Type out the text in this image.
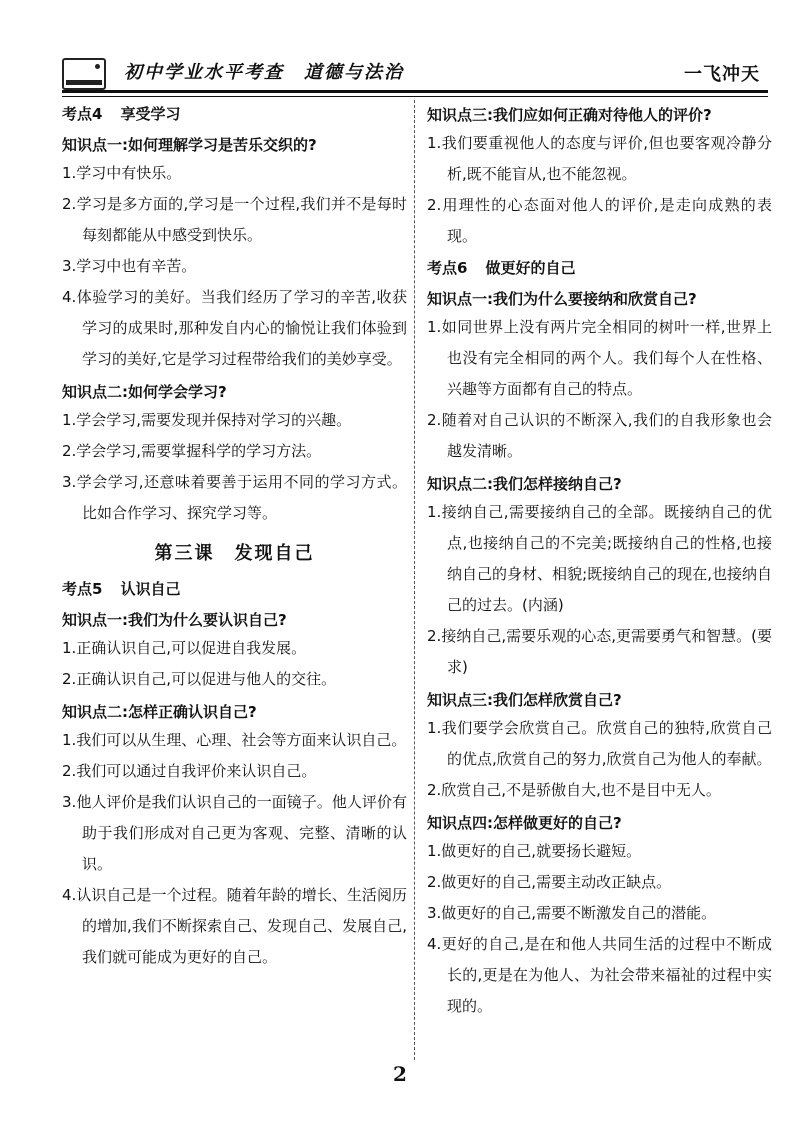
初中学业水平考查　道德与法治	一飞冲天
考点4 享受学习
知识点一:如何理解学习是苦乐交织的?
1.学习中有快乐。
2.学习是多方面的,学习是一个过程,我们并不是每时每刻都能从中感受到快乐。
3.学习中也有辛苦。
4.体验学习的美好。当我们经历了学习的辛苦,收获学习的成果时,那种发自内心的愉悦让我们体验到学习的美好,它是学习过程带给我们的美妙享受。
知识点二:如何学会学习?
1.学会学习,需要发现并保持对学习的兴趣。
2.学会学习,需要掌握科学的学习方法。
3.学会学习,还意味着要善于运用不同的学习方式。比如合作学习、探究学习等。
第三课　发现自己
考点5 认识自己
知识点一:我们为什么要认识自己?
1.正确认识自己,可以促进自我发展。
2.正确认识自己,可以促进与他人的交往。
知识点二:怎样正确认识自己?
1.我们可以从生理、心理、社会等方面来认识自己。
2.我们可以通过自我评价来认识自己。
3.他人评价是我们认识自己的一面镜子。他人评价有助于我们形成对自己更为客观、完整、清晰的认识。
4.认识自己是一个过程。随着年龄的增长、生活阅历的增加,我们不断探索自己、发现自己、发展自己,我们就可能成为更好的自己。
知识点三:我们应如何正确对待他人的评价?
1.我们要重视他人的态度与评价,但也要客观冷静分析,既不能盲从,也不能忽视。
2.用理性的心态面对他人的评价,是走向成熟的表现。
考点6 做更好的自己
知识点一:我们为什么要接纳和欣赏自己?
1.如同世界上没有两片完全相同的树叶一样,世界上也没有完全相同的两个人。我们每个人在性格、兴趣等方面都有自己的特点。
2.随着对自己认识的不断深入,我们的自我形象也会越发清晰。
知识点二:我们怎样接纳自己?
1.接纳自己,需要接纳自己的全部。既接纳自己的优点,也接纳自己的不完美;既接纳自己的性格,也接纳自己的身材、相貌;既接纳自己的现在,也接纳自己的过去。(内涵)
2.接纳自己,需要乐观的心态,更需要勇气和智慧。(要求)
知识点三:我们怎样欣赏自己?
1.我们要学会欣赏自己。欣赏自己的独特,欣赏自己的优点,欣赏自己的努力,欣赏自己为他人的奉献。
2.欣赏自己,不是骄傲自大,也不是目中无人。
知识点四:怎样做更好的自己?
1.做更好的自己,就要扬长避短。
2.做更好的自己,需要主动改正缺点。
3.做更好的自己,需要不断激发自己的潜能。
4.更好的自己,是在和他人共同生活的过程中不断成长的,更是在为他人、为社会带来福祉的过程中实现的。
2
